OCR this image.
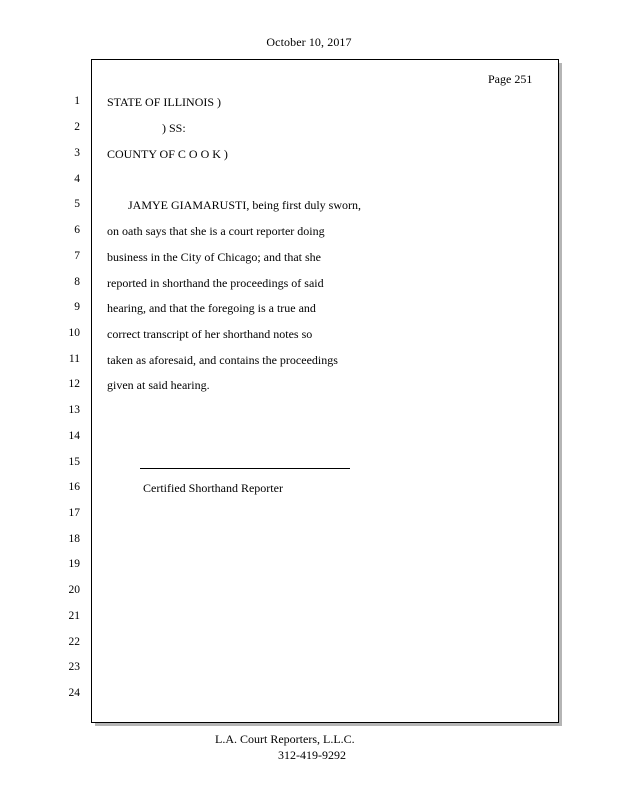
October 10, 2017
Page 251
1
2
3
4
5
6
7
8
9
10
11
12
13
14
15
16
17
18
19
20
21
22
23
24
STATE OF ILLINOIS )
) SS:
COUNTY OF C O O K )
JAMYE GIAMARUSTI, being first duly sworn,
on oath says that she is a court reporter doing
business in the City of Chicago; and that she
reported in shorthand the proceedings of said
hearing, and that the foregoing is a true and
correct transcript of her shorthand notes so
taken as aforesaid, and contains the proceedings
given at said hearing.
Certified Shorthand Reporter
L.A. Court Reporters, L.L.C.
312-419-9292
